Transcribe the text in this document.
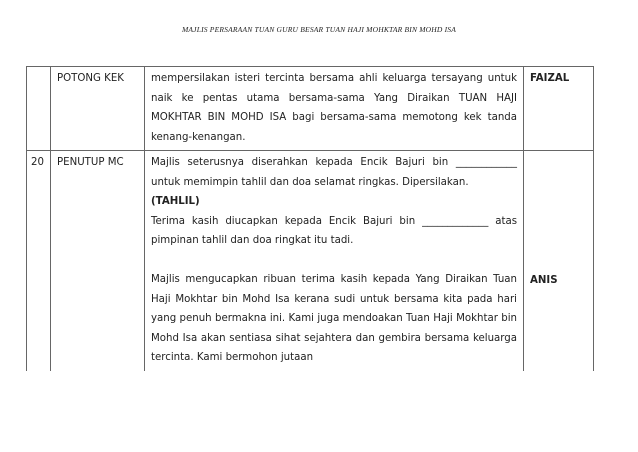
MAJLIS PERSARAAN TUAN GURU BESAR TUAN HAJI MOHKTAR BIN MOHD ISA
	POTONG KEK	mempersilakan isteri tercinta bersama ahli keluarga tersayang untuk naik ke pentas utama bersama-sama Yang Diraikan TUAN HAJI MOKHTAR BIN MOHD ISA bagi bersama-sama memotong kek tanda kenang-kenangan.	FAIZAL
20	PENUTUP MC	Majlis seterusnya diserahkan kepada Encik Bajuri bin ____________ untuk memimpin tahlil dan doa selamat ringkas. Dipersilakan.

(TAHLIL)

Terima kasih diucapkan kepada Encik Bajuri bin _____________ atas pimpinan tahlil dan doa ringkat itu tadi.

Majlis mengucapkan ribuan terima kasih kepada Yang Diraikan Tuan Haji Mokhtar bin Mohd Isa kerana sudi untuk bersama kita pada hari yang penuh bermakna ini. Kami juga mendoakan Tuan Haji Mokhtar bin Mohd Isa akan sentiasa sihat sejahtera dan gembira bersama keluarga tercinta. Kami bermohon jutaan	ANIS
